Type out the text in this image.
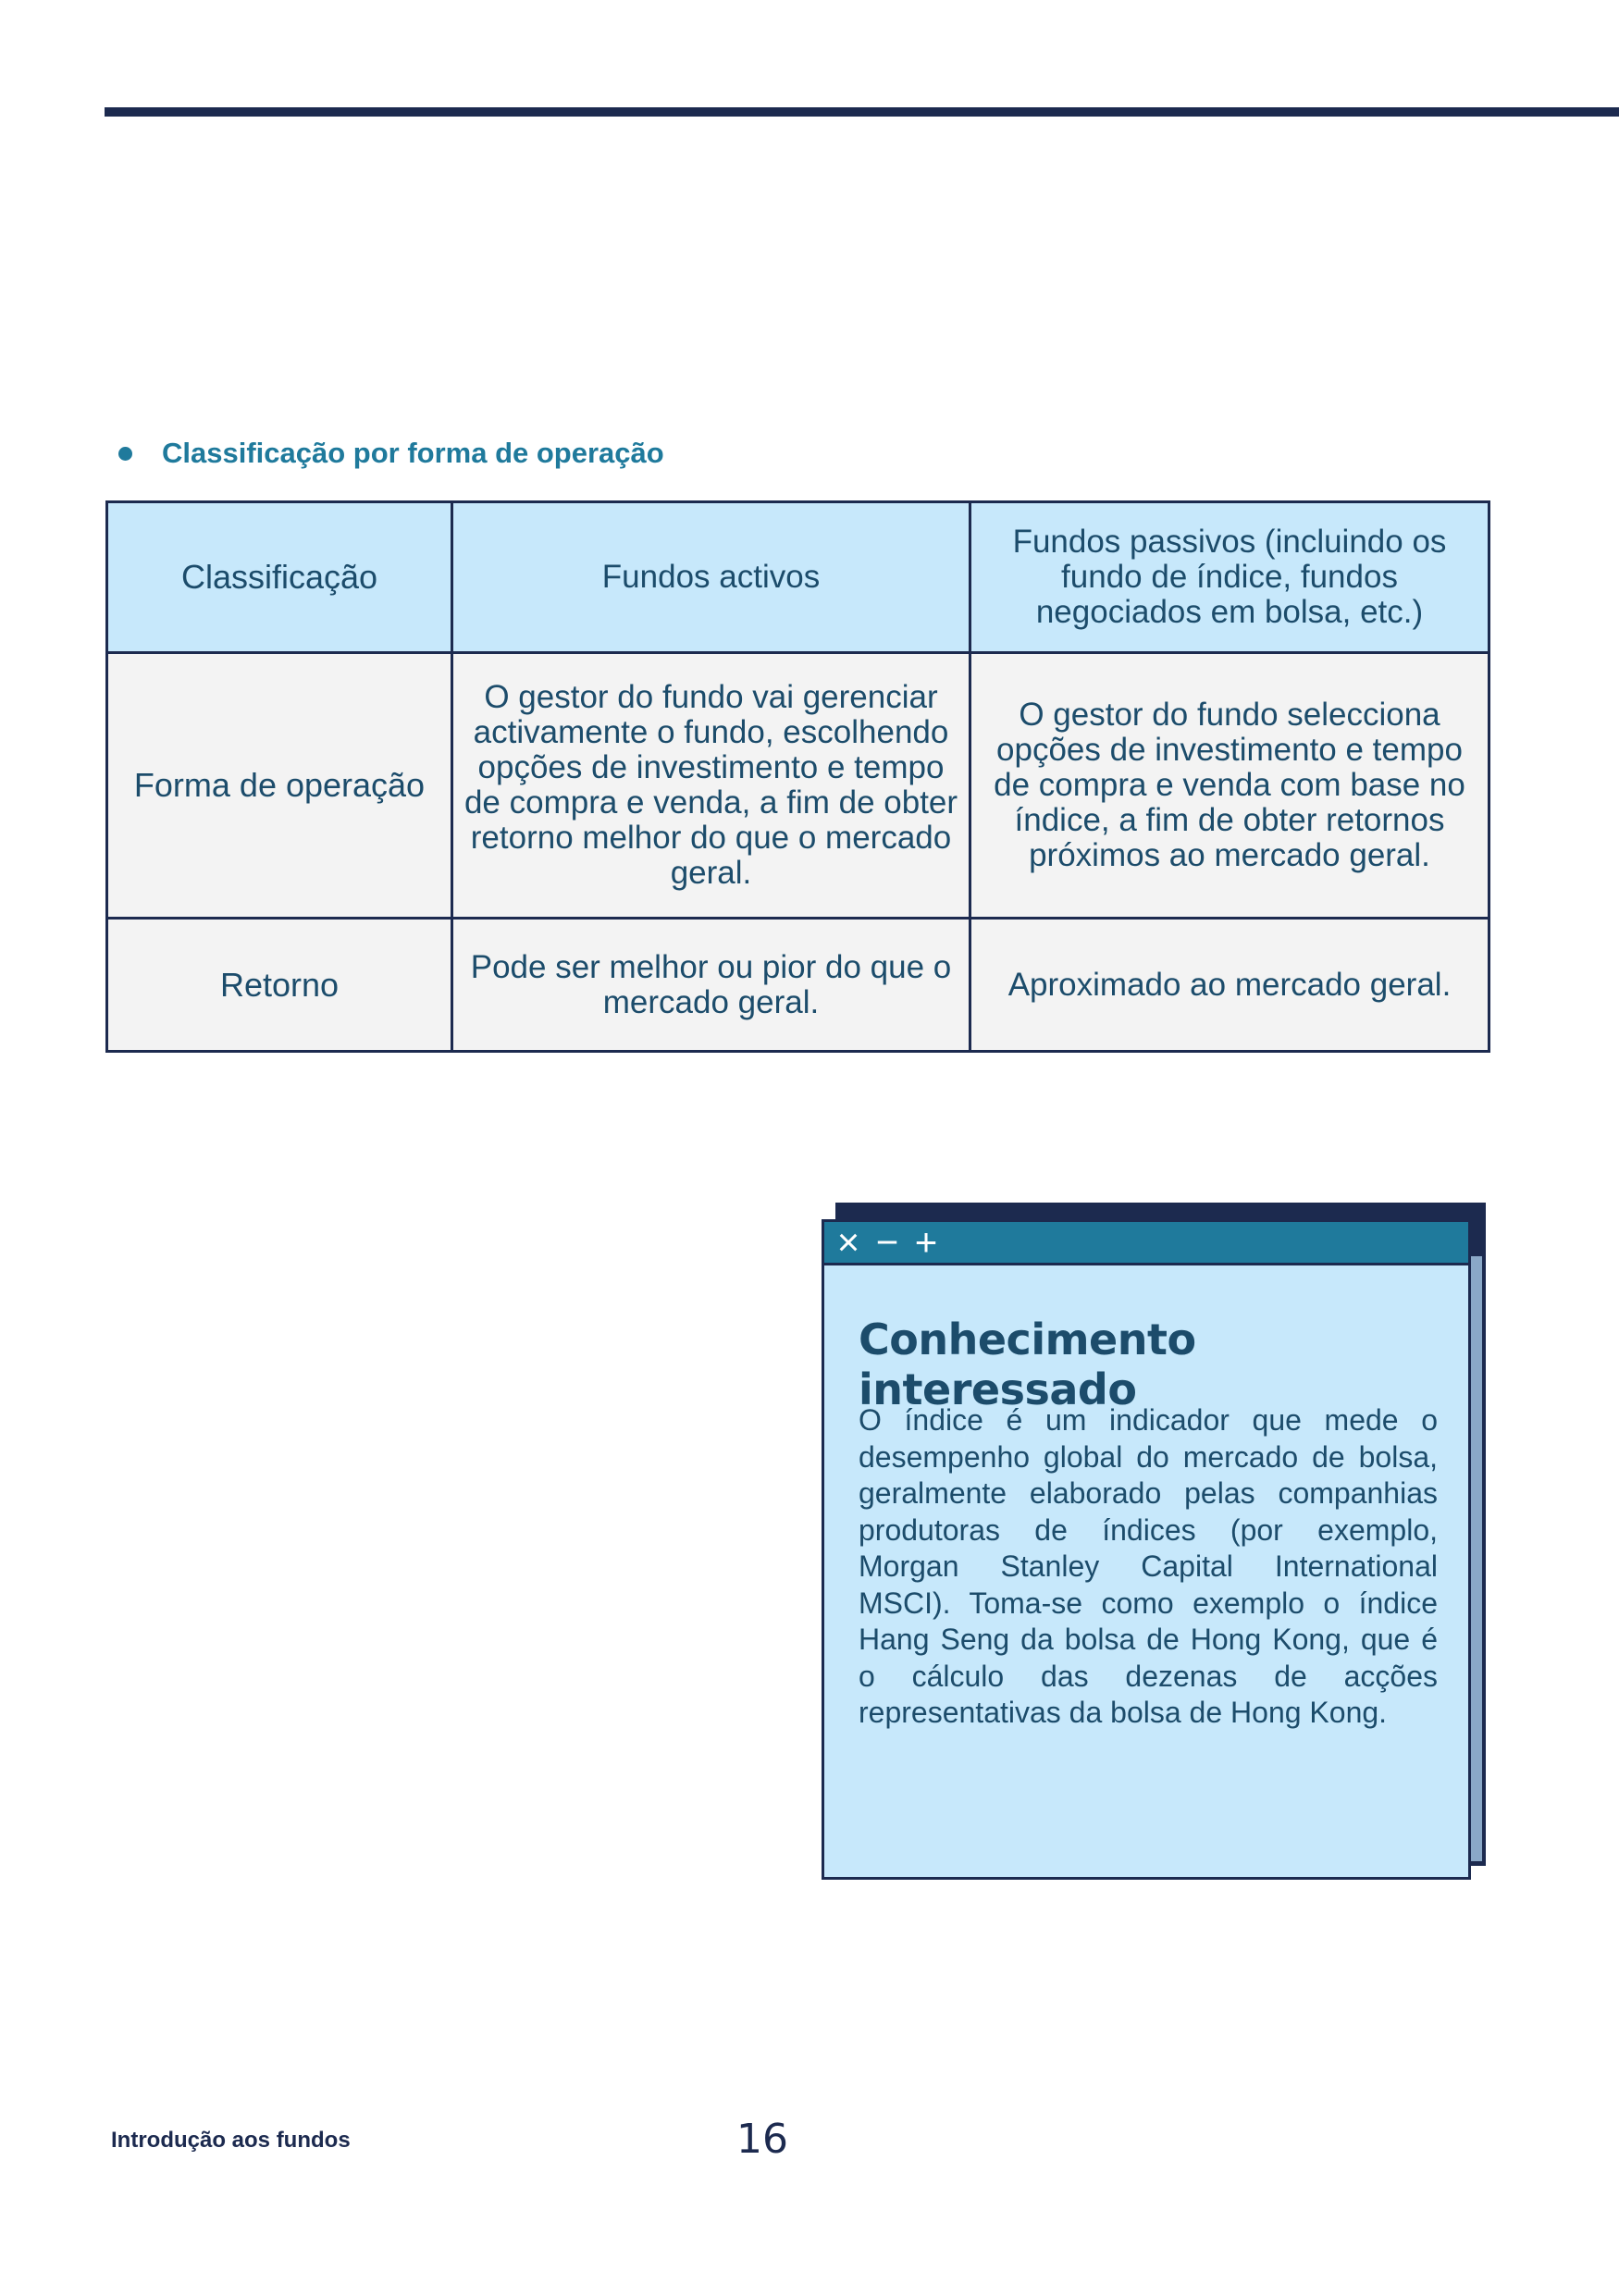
Classificação por forma de operação
Classificação	Fundos activos	Fundos passivos (incluindo os fundo de índice, fundos negociados em bolsa, etc.)
Forma de operação	O gestor do fundo vai gerenciar activamente o fundo, escolhendo opções de investimento e tempo de compra e venda, a fim de obter retorno melhor do que o mercado geral.	O gestor do fundo selecciona opções de investimento e tempo de compra e venda com base no índice, a fim de obter retornos próximos ao mercado geral.
Retorno	Pode ser melhor ou pior do que o mercado geral.	Aproximado ao mercado geral.
× − +
Conhecimento interessado
O índice é um indicador que mede o desempenho global do mercado de bolsa, geralmente elaborado pelas companhias produtoras de índices (por exemplo, Morgan Stanley Capital International MSCI). Toma-se como exemplo o índice Hang Seng da bolsa de Hong Kong, que é o cálculo das dezenas de acções representativas da bolsa de Hong Kong.
Introdução aos fundos	16
